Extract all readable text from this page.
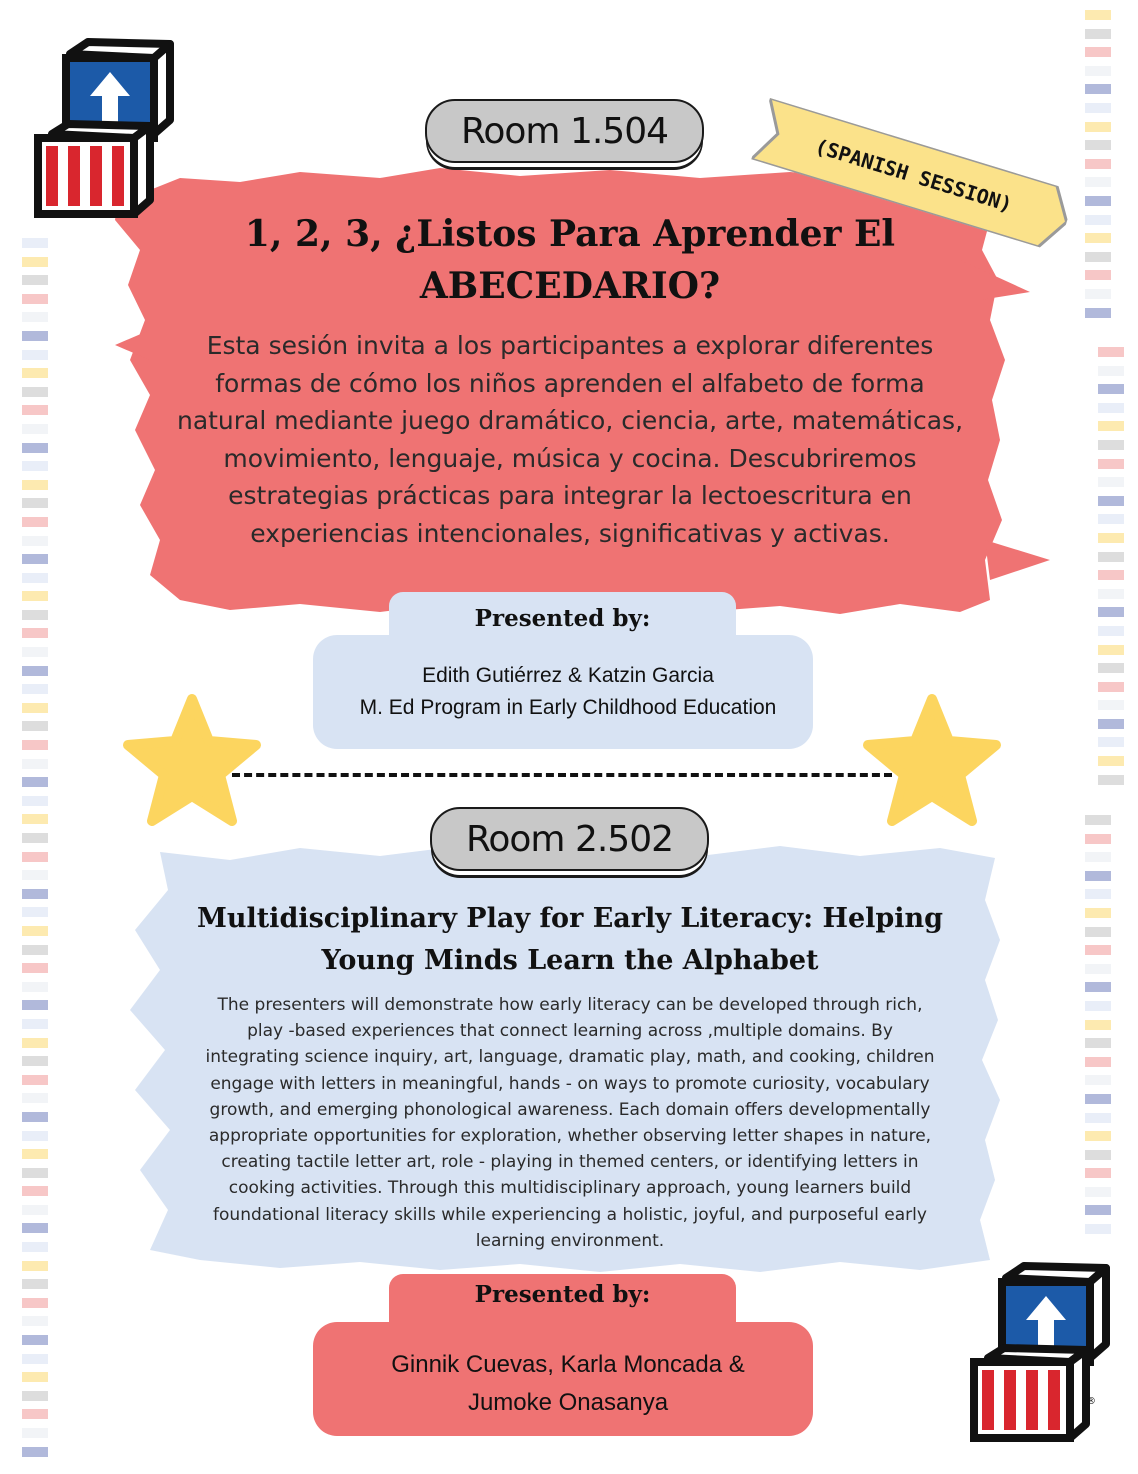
Room 1.504
(SPANISH SESSION)
1, 2, 3, ¿Listos Para Aprender El
ABECEDARIO?
Esta sesión invita a los participantes a explorar diferentes
formas de cómo los niños aprenden el alfabeto de forma
natural mediante juego dramático, ciencia, arte, matemáticas,
movimiento, lenguaje, música y cocina. Descubriremos
estrategias prácticas para integrar la lectoescritura en
experiencias intencionales, significativas y activas.
Presented by:
Edith Gutiérrez & Katzin Garcia
M. Ed Program in Early Childhood Education
Room 2.502
Multidisciplinary Play for Early Literacy: Helping
Young Minds Learn the Alphabet
The presenters will demonstrate how early literacy can be developed through rich,
play -based experiences that connect learning across ,multiple domains. By
integrating science inquiry, art, language, dramatic play, math, and cooking, children
engage with letters in meaningful, hands - on ways to promote curiosity, vocabulary
growth, and emerging phonological awareness. Each domain offers developmentally
appropriate opportunities for exploration, whether observing letter shapes in nature,
creating tactile letter art, role - playing in themed centers, or identifying letters in
cooking activities. Through this multidisciplinary approach, young learners build
foundational literacy skills while experiencing a holistic, joyful, and purposeful early
learning environment.
Presented by:
Ginnik Cuevas, Karla Moncada &
Jumoke Onasanya	®
